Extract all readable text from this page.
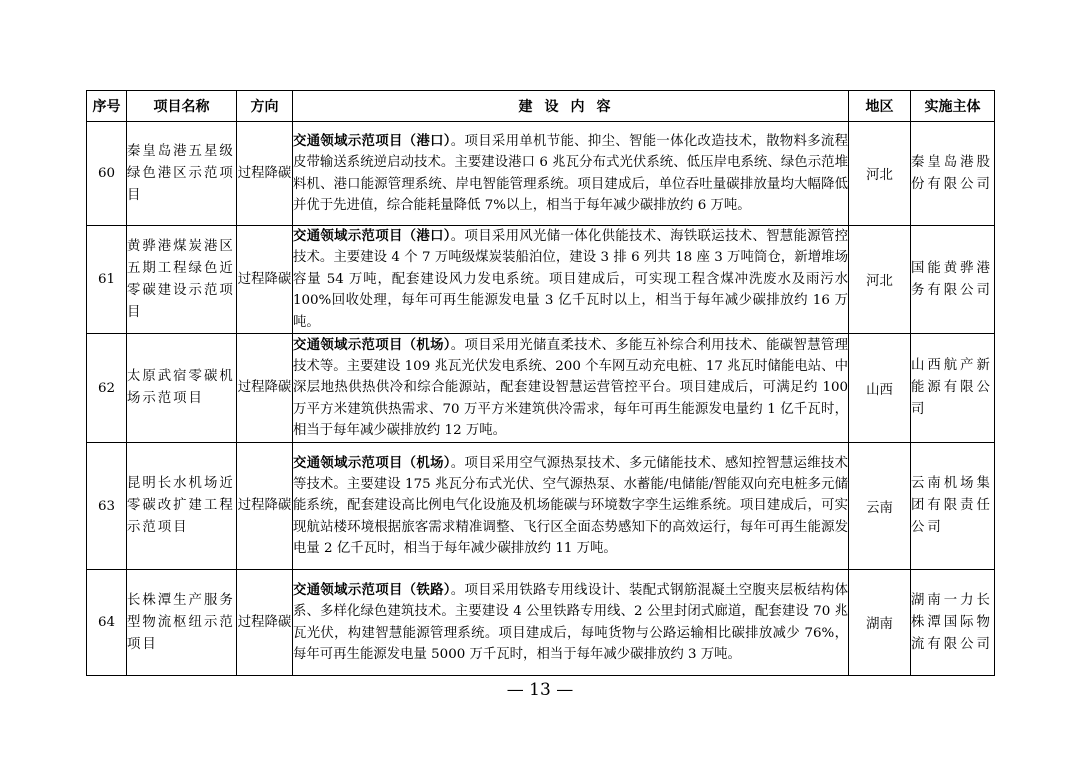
序号	项目名称	方向	建设内容	地区	实施主体
60	秦皇岛港五星级绿色港区示范项目	过程降碳	交通领域示范项目（港口）。项目采用单机节能、抑尘、智能一体化改造技术，散物料多流程皮带输送系统逆启动技术。主要建设港口 6 兆瓦分布式光伏系统、低压岸电系统、绿色示范堆料机、港口能源管理系统、岸电智能管理系统。项目建成后，单位吞吐量碳排放量均大幅降低并优于先进值，综合能耗量降低 7%以上，相当于每年减少碳排放约 6 万吨。	河北	秦皇岛港股份有限公司
61	黄骅港煤炭港区五期工程绿色近零碳建设示范项目	过程降碳	交通领域示范项目（港口）。项目采用风光储一体化供能技术、海铁联运技术、智慧能源管控技术。主要建设 4 个 7 万吨级煤炭装船泊位，建设 3 排 6 列共 18 座 3 万吨筒仓，新增堆场容量 54 万吨，配套建设风力发电系统。项目建成后，可实现工程含煤冲洗废水及雨污水 100%回收处理，每年可再生能源发电量 3 亿千瓦时以上，相当于每年减少碳排放约 16 万吨。	河北	国能黄骅港务有限公司
62	太原武宿零碳机场示范项目	过程降碳	交通领域示范项目（机场）。项目采用光储直柔技术、多能互补综合利用技术、能碳智慧管理技术等。主要建设 109 兆瓦光伏发电系统、200 个车网互动充电桩、17 兆瓦时储能电站、中深层地热供热供冷和综合能源站，配套建设智慧运营管控平台。项目建成后，可满足约 100 万平方米建筑供热需求、70 万平方米建筑供冷需求，每年可再生能源发电量约 1 亿千瓦时，相当于每年减少碳排放约 12 万吨。	山西	山西航产新能源有限公司
63	昆明长水机场近零碳改扩建工程示范项目	过程降碳	交通领域示范项目（机场）。项目采用空气源热泵技术、多元储能技术、感知控智慧运维技术等技术。主要建设 175 兆瓦分布式光伏、空气源热泵、水蓄能/电储能/智能双向充电桩多元储能系统，配套建设高比例电气化设施及机场能碳与环境数字孪生运维系统。项目建成后，可实现航站楼环境根据旅客需求精准调整、飞行区全面态势感知下的高效运行，每年可再生能源发电量 2 亿千瓦时，相当于每年减少碳排放约 11 万吨。	云南	云南机场集团有限责任公司
64	长株潭生产服务型物流枢纽示范项目	过程降碳	交通领域示范项目（铁路）。项目采用铁路专用线设计、装配式钢筋混凝土空腹夹层板结构体系、多样化绿色建筑技术。主要建设 4 公里铁路专用线、2 公里封闭式廊道，配套建设 70 兆瓦光伏，构建智慧能源管理系统。项目建成后，每吨货物与公路运输相比碳排放减少 76%，每年可再生能源发电量 5000 万千瓦时，相当于每年减少碳排放约 3 万吨。	湖南	湖南一力长株潭国际物流有限公司
— 13 —
